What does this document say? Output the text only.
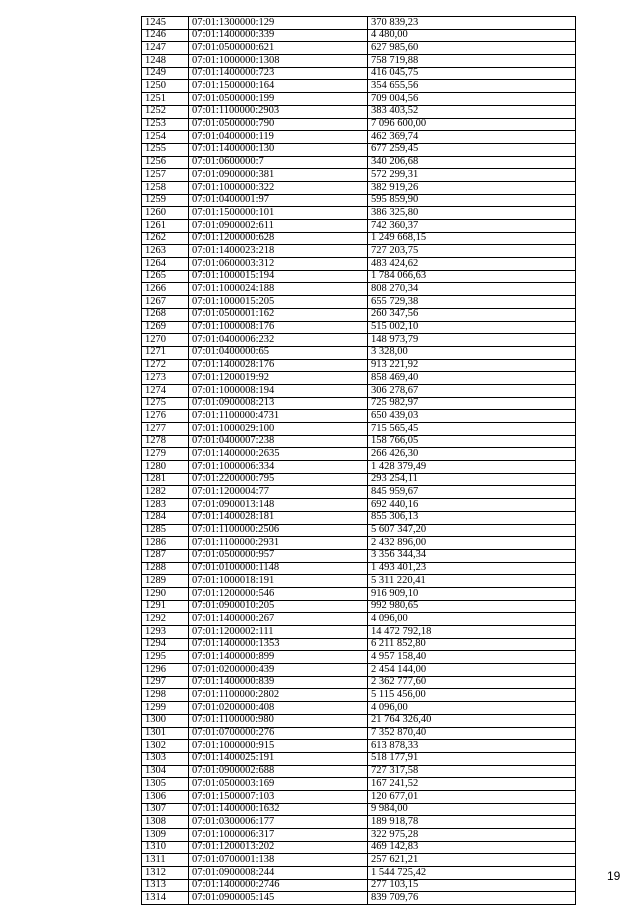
1245	07:01:1300000:129	370 839,23
1246	07:01:1400000:339	4 480,00
1247	07:01:0500000:621	627 985,60
1248	07:01:1000000:1308	758 719,88
1249	07:01:1400000:723	416 045,75
1250	07:01:1500000:164	354 655,56
1251	07:01:0500000:199	709 004,56
1252	07:01:1100000:2903	383 403,52
1253	07:01:0500000:790	7 096 600,00
1254	07:01:0400000:119	462 369,74
1255	07:01:1400000:130	677 259,45
1256	07:01:0600000:7	340 206,68
1257	07:01:0900000:381	572 299,31
1258	07:01:1000000:322	382 919,26
1259	07:01:0400001:97	595 859,90
1260	07:01:1500000:101	386 325,80
1261	07:01:0900002:611	742 360,37
1262	07:01:1200000:628	1 249 668,15
1263	07:01:1400023:218	727 203,75
1264	07:01:0600003:312	483 424,62
1265	07:01:1000015:194	1 784 066,63
1266	07:01:1000024:188	808 270,34
1267	07:01:1000015:205	655 729,38
1268	07:01:0500001:162	260 347,56
1269	07:01:1000008:176	515 002,10
1270	07:01:0400006:232	148 973,79
1271	07:01:0400000:65	3 328,00
1272	07:01:1400028:176	913 221,92
1273	07:01:1200019:92	858 469,40
1274	07:01:1000008:194	306 278,67
1275	07:01:0900008:213	725 982,97
1276	07:01:1100000:4731	650 439,03
1277	07:01:1000029:100	715 565,45
1278	07:01:0400007:238	158 766,05
1279	07:01:1400000:2635	266 426,30
1280	07:01:1000006:334	1 428 379,49
1281	07:01:2200000:795	293 254,11
1282	07:01:1200004:77	845 959,67
1283	07:01:0900013:148	692 440,16
1284	07:01:1400028:181	855 306,13
1285	07:01:1100000:2506	5 607 347,20
1286	07:01:1100000:2931	2 432 896,00
1287	07:01:0500000:957	3 356 344,34
1288	07:01:0100000:1148	1 493 401,23
1289	07:01:1000018:191	5 311 220,41
1290	07:01:1200000:546	916 909,10
1291	07:01:0900010:205	992 980,65
1292	07:01:1400000:267	4 096,00
1293	07:01:1200002:111	14 472 792,18
1294	07:01:1400000:1353	6 211 852,80
1295	07:01:1400000:899	4 957 158,40
1296	07:01:0200000:439	2 454 144,00
1297	07:01:1400000:839	2 362 777,60
1298	07:01:1100000:2802	5 115 456,00
1299	07:01:0200000:408	4 096,00
1300	07:01:1100000:980	21 764 326,40
1301	07:01:0700000:276	7 352 870,40
1302	07:01:1000000:915	613 878,33
1303	07:01:1400025:191	518 177,91
1304	07:01:0900002:688	727 317,58
1305	07:01:0500003:169	167 241,52
1306	07:01:1500007:103	120 677,01
1307	07:01:1400000:1632	9 984,00
1308	07:01:0300006:177	189 918,78
1309	07:01:1000006:317	322 975,28
1310	07:01:1200013:202	469 142,83
1311	07:01:0700001:138	257 621,21
1312	07:01:0900008:244	1 544 725,42
1313	07:01:1400000:2746	277 103,15
1314	07:01:0900005:145	839 709,76
19
